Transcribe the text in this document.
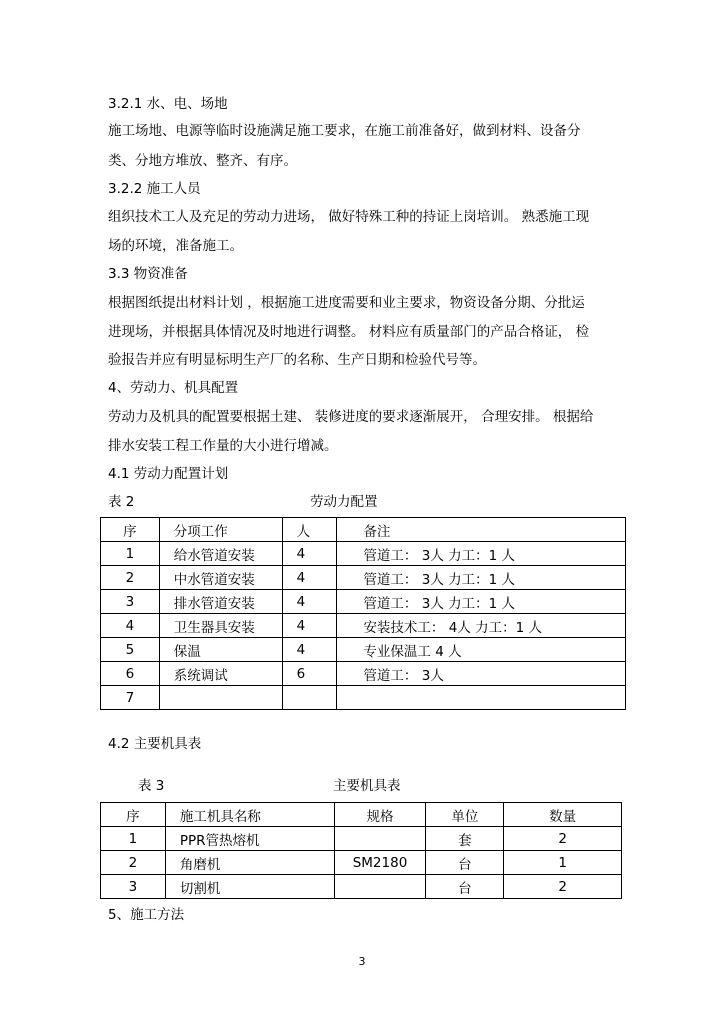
3.2.1 水、电、场地
施工场地、电源等临时设施满足施工要求，在施工前准备好，做到材料、设备分
类、分地方堆放、整齐、有序。
3.2.2 施工人员
组织技术工人及充足的劳动力进场， 做好特殊工种的持证上岗培训。 熟悉施工现
场的环境，准备施工。
3.3 物资准备
根据图纸提出材料计划 ，根据施工进度需要和业主要求，物资设备分期、分批运
进现场，并根据具体情况及时地进行调整。 材料应有质量部门的产品合格证， 检
验报告并应有明显标明生产厂的名称、生产日期和检验代号等。
4、劳动力、机具配置
劳动力及机具的配置要根据土建、 装修进度的要求逐渐展开， 合理安排。 根据给
排水安装工程工作量的大小进行增减。
4.1 劳动力配置计划
表 2	劳动力配置
序	分项工作	人	备注
1	给水管道安装	4	管道工： 3人 力工：1 人
2	中水管道安装	4	管道工： 3人 力工：1 人
3	排水管道安装	4	管道工： 3人 力工：1 人
4	卫生器具安装	4	安装技术工： 4人 力工：1 人
5	保温	4	专业保温工 4 人
6	系统调试	6	管道工： 3人
7			
4.2 主要机具表
表 3	主要机具表
序	施工机具名称	规格	单位	数量
1	PPR管热熔机		套	2
2	角磨机	SM2180	台	1
3	切割机		台	2
5、施工方法
3
